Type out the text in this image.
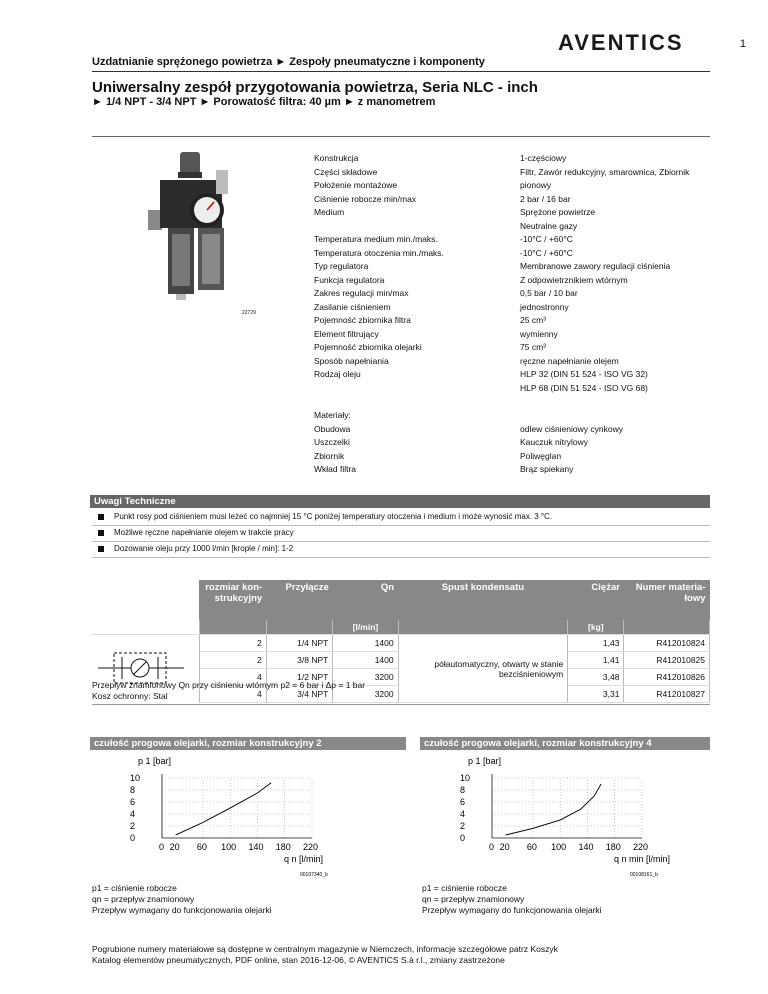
1
AVENTICS
Uzdatnianie sprężonego powietrza ► Zespoły pneumatyczne i komponenty
Uniwersalny zespół przygotowania powietrza, Seria NLC - inch
► 1/4 NPT - 3/4 NPT ► Porowatość filtra: 40 µm ► z manometrem
22729
Konstrukcja	1-częściowy
Części składowe	Filtr, Zawór redukcyjny, smarownica, Zbiornik
Położenie montażowe	pionowy
Ciśnienie robocze min/max	2 bar / 16 bar
Medium	Sprężone powietrze
Neutralne gazy
Temperatura medium min./maks.	-10°C / +60°C
Temperatura otoczenia min./maks.	-10°C / +60°C
Typ regulatora	Membranowe zawory regulacji ciśnienia
Funkcja regulatora	Z odpowietrznikiem wtórnym
Zakres regulacji min/max	0,5 bar / 10 bar
Zasilanie ciśnieniem	jednostronny
Pojemność zbiornika filtra	25 cm³
Element filtrujący	wymienny
Pojemność zbiornika olejarki	75 cm³
Sposób napełniania	ręczne napełnianie olejem
Rodzaj oleju	HLP 32 (DIN 51 524 - ISO VG 32)
HLP 68 (DIN 51 524 - ISO VG 68)
Materiały:
Obudowa	odlew ciśnieniowy cynkowy
Uszczelki	Kauczuk nitrylowy
Zbiornik	Poliwęglan
Wkład filtra	Brąz spiekany
Uwagi Techniczne
Punkt rosy pod ciśnieniem musi leżeć co najmniej 15 °C poniżej temperatury otoczenia i medium i może wynosić max. 3 °C.
Możliwe ręczne napełnianie olejem w trakcie pracy
Dozowanie oleju przy 1000 l/min [krople / min]: 1-2
	rozmiar kon-strukcyjny	Przyłącze	Qn	Spust kondensatu	Ciężar	Numer materia-łowy
			[l/min]		[kg]	
	2	1/4 NPT	1400	półautomatyczny, otwarty w stanie bezciśnieniowym	1,43	R412010824
	2	3/8 NPT	1400		1,41	R412010825
	4	1/2 NPT	3200		3,48	R412010826
	4	3/4 NPT	3200		3,31	R412010827
Przepływ znamionowy Qn przy ciśnieniu wtórnym p2 = 6 bar i Δp = 1 bar
Kosz ochronny: Stal
czułość progowa olejarki, rozmiar konstrukcyjny 2	czułość progowa olejarki, rozmiar konstrukcyjny 4
p 1 [bar]
0
2
4
6
8
10
0 20 60 100 140 180 220
q n [l/min]
00107340_b
p 1 [bar]
0
2
4
6
8
10
0 20 60 100 140 180 220
q n min [l/min]
00108161_b
p1 = ciśnienie robocze
qn = przepływ znamionowy
Przepływ wymagany do funkcjonowania olejarki
p1 = ciśnienie robocze
qn = przepływ znamionowy
Przepływ wymagany do funkcjonowania olejarki
Pogrubione numery materiałowe są dostępne w centralnym magazynie w Niemczech, informacje szczegółowe patrz Koszyk
Katalog elementów pneumatycznych, PDF online, stan 2016-12-06, © AVENTICS S.à r.l., zmiany zastrzeżone
